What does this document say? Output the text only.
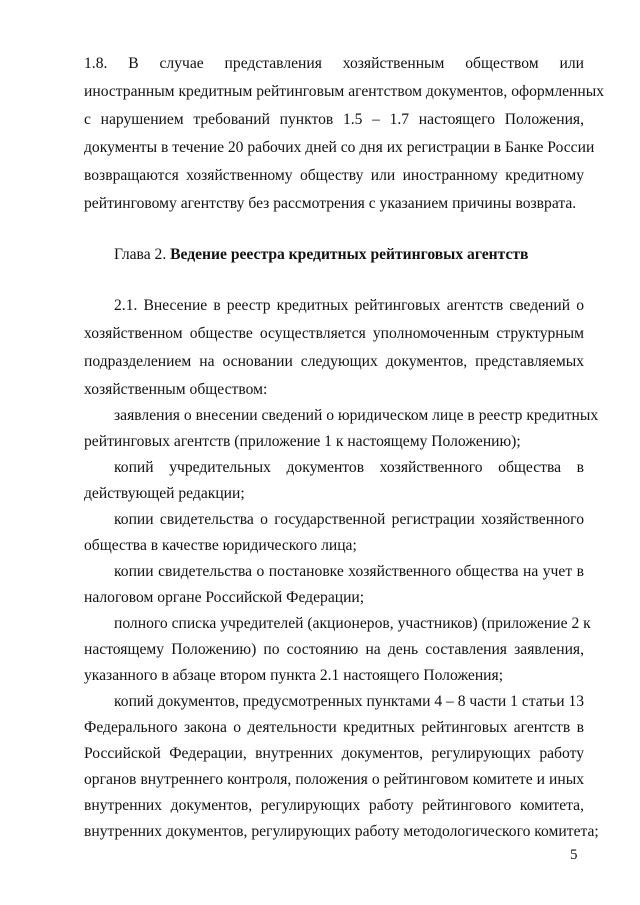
1.8. В случае представления хозяйственным обществом или
иностранным кредитным рейтинговым агентством документов, оформленных
с нарушением требований пунктов 1.5 – 1.7 настоящего Положения,
документы в течение 20 рабочих дней со дня их регистрации в Банке России
возвращаются хозяйственному обществу или иностранному кредитному
рейтинговому агентству без рассмотрения с указанием причины возврата.
Глава 2. Ведение реестра кредитных рейтинговых агентств
2.1. Внесение в реестр кредитных рейтинговых агентств сведений о
хозяйственном обществе осуществляется уполномоченным структурным
подразделением на основании следующих документов, представляемых
хозяйственным обществом:
заявления о внесении сведений о юридическом лице в реестр кредитных
рейтинговых агентств (приложение 1 к настоящему Положению);
копий учредительных документов хозяйственного общества в
действующей редакции;
копии свидетельства о государственной регистрации хозяйственного
общества в качестве юридического лица;
копии свидетельства о постановке хозяйственного общества на учет в
налоговом органе Российской Федерации;
полного списка учредителей (акционеров, участников) (приложение 2 к
настоящему Положению) по состоянию на день составления заявления,
указанного в абзаце втором пункта 2.1 настоящего Положения;
копий документов, предусмотренных пунктами 4 – 8 части 1 статьи 13
Федерального закона о деятельности кредитных рейтинговых агентств в
Российской Федерации, внутренних документов, регулирующих работу
органов внутреннего контроля, положения о рейтинговом комитете и иных
внутренних документов, регулирующих работу рейтингового комитета,
внутренних документов, регулирующих работу методологического комитета;
5
